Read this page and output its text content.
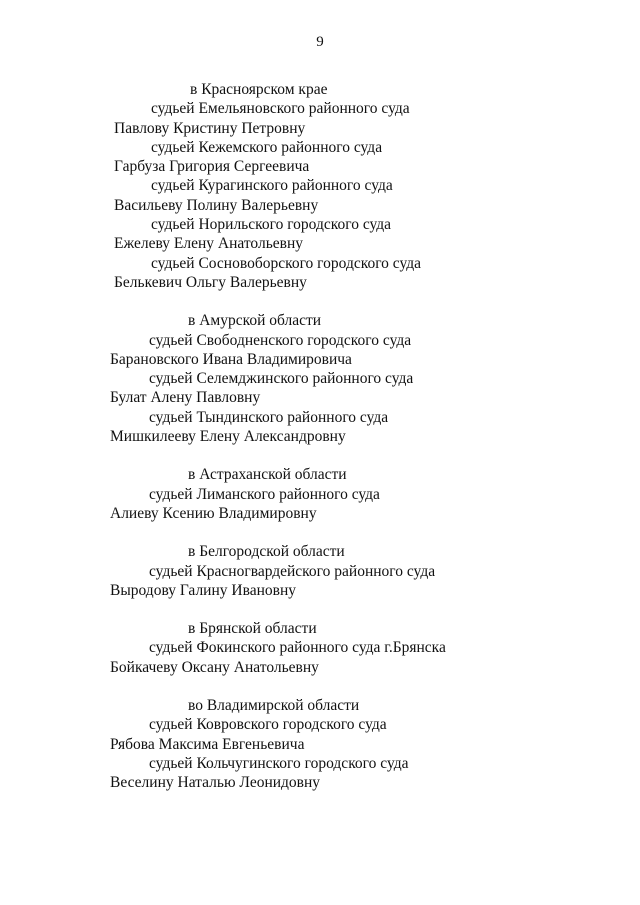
9
в Красноярском крае
судьей Емельяновского районного суда
Павлову Кристину Петровну
судьей Кежемского районного суда
Гарбуза Григория Сергеевича
судьей Курагинского районного суда
Васильеву Полину Валерьевну
судьей Норильского городского суда
Ежелеву Елену Анатольевну
судьей Сосновоборского городского суда
Белькевич Ольгу Валерьевну
в Амурской области
судьей Свободненского городского суда
Барановского Ивана Владимировича
судьей Селемджинского районного суда
Булат Алену Павловну
судьей Тындинского районного суда
Мишкилееву Елену Александровну
в Астраханской области
судьей Лиманского районного суда
Алиеву Ксению Владимировну
в Белгородской области
судьей Красногвардейского районного суда
Выродову Галину Ивановну
в Брянской области
судьей Фокинского районного суда г.Брянска
Бойкачеву Оксану Анатольевну
во Владимирской области
судьей Ковровского городского суда
Рябова Максима Евгеньевича
судьей Кольчугинского городского суда
Веселину Наталью Леонидовну
